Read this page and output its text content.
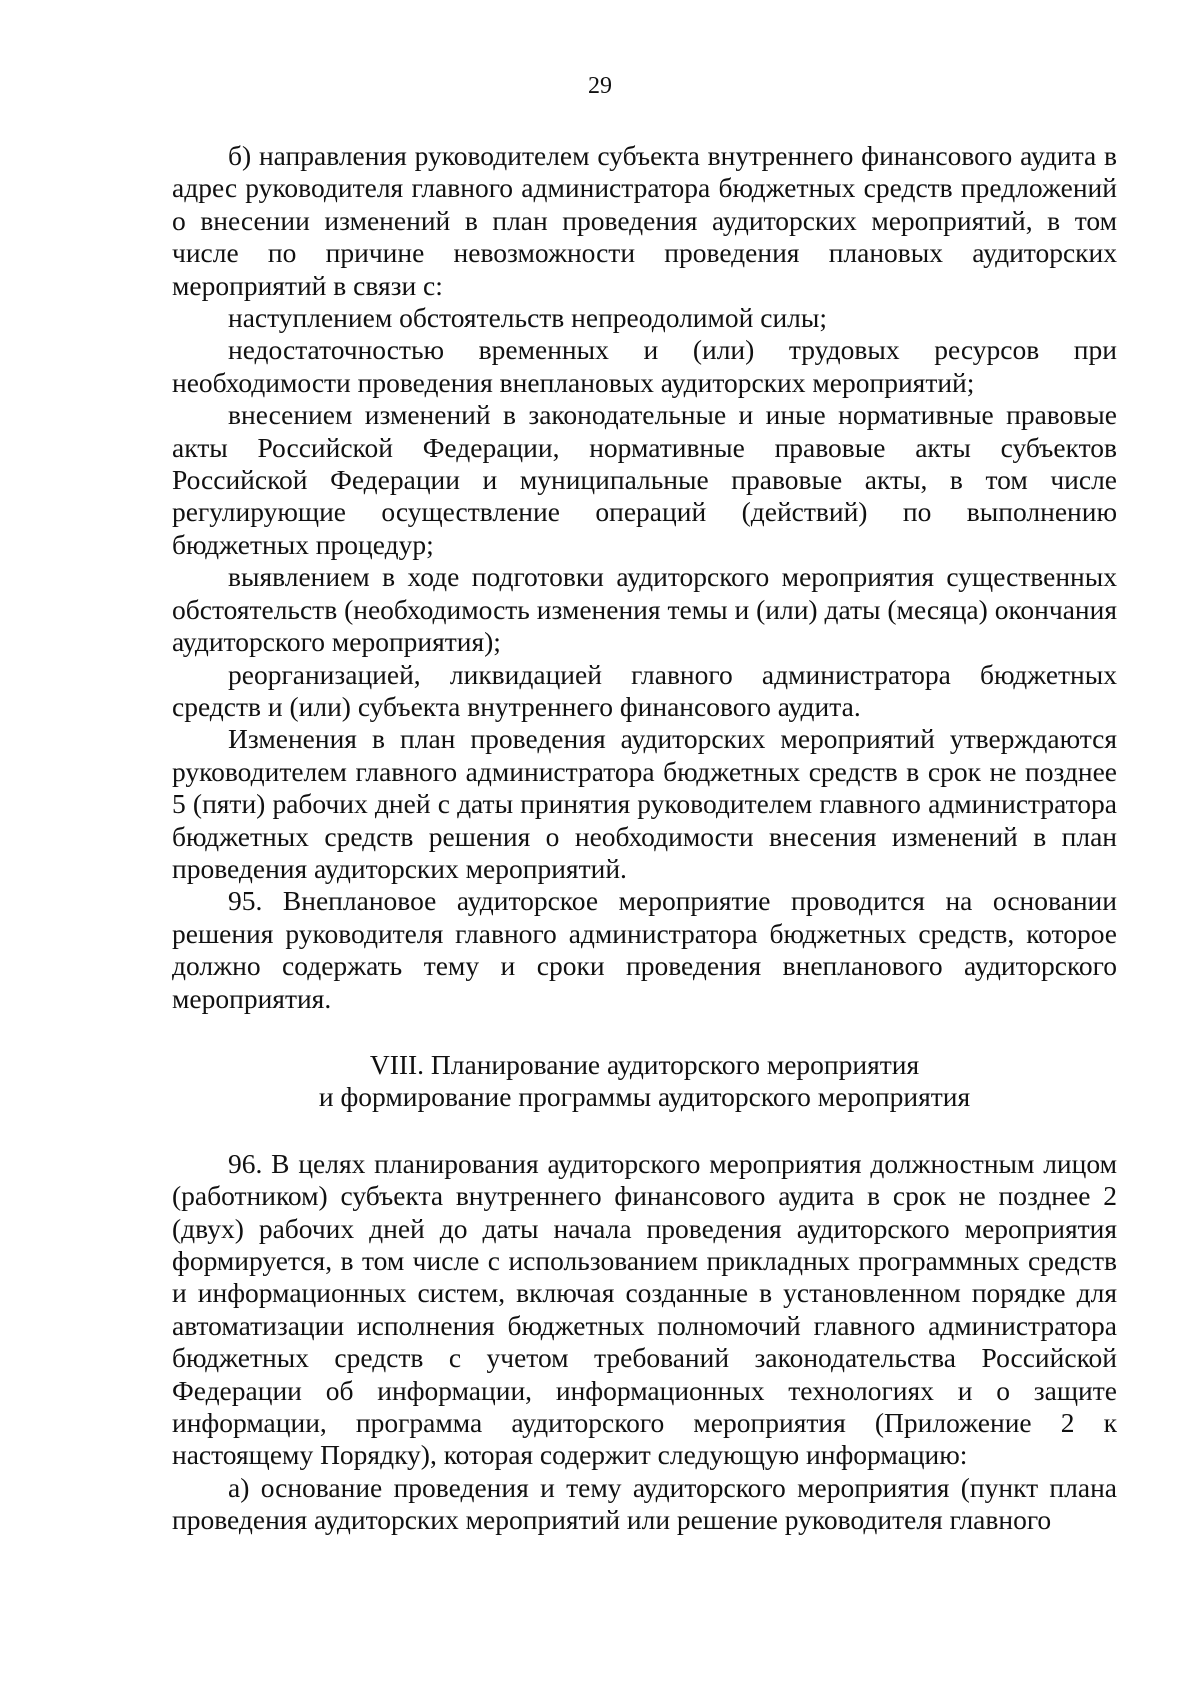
29

б) направления руководителем субъекта внутреннего финансового аудита в адрес руководителя главного администратора бюджетных средств предложений о внесении изменений в план проведения аудиторских мероприятий, в том числе по причине невозможности проведения плановых аудиторских мероприятий в связи с:

наступлением обстоятельств непреодолимой силы;

недостаточностью временных и (или) трудовых ресурсов при необходимости проведения внеплановых аудиторских мероприятий;

внесением изменений в законодательные и иные нормативные правовые акты Российской Федерации, нормативные правовые акты субъектов Российской Федерации и муниципальные правовые акты, в том числе регулирующие осуществление операций (действий) по выполнению бюджетных процедур;

выявлением в ходе подготовки аудиторского мероприятия существенных обстоятельств (необходимость изменения темы и (или) даты (месяца) окончания аудиторского мероприятия);

реорганизацией, ликвидацией главного администратора бюджетных средств и (или) субъекта внутреннего финансового аудита.

Изменения в план проведения аудиторских мероприятий утверждаются руководителем главного администратора бюджетных средств в срок не позднее 5 (пяти) рабочих дней с даты принятия руководителем главного администратора бюджетных средств решения о необходимости внесения изменений в план проведения аудиторских мероприятий.

95. Внеплановое аудиторское мероприятие проводится на основании решения руководителя главного администратора бюджетных средств, которое должно содержать тему и сроки проведения внепланового аудиторского мероприятия.

VIII. Планирование аудиторского мероприятия

и формирование программы аудиторского мероприятия

96. В целях планирования аудиторского мероприятия должностным лицом (работником) субъекта внутреннего финансового аудита в срок не позднее 2 (двух) рабочих дней до даты начала проведения аудиторского мероприятия формируется, в том числе с использованием прикладных программных средств и информационных систем, включая созданные в установленном порядке для автоматизации исполнения бюджетных полномочий главного администратора бюджетных средств с учетом требований законодательства Российской Федерации об информации, информационных технологиях и о защите информации, программа аудиторского мероприятия (Приложение 2 к настоящему Порядку), которая содержит следующую информацию:

а) основание проведения и тему аудиторского мероприятия (пункт плана проведения аудиторских мероприятий или решение руководителя главного
